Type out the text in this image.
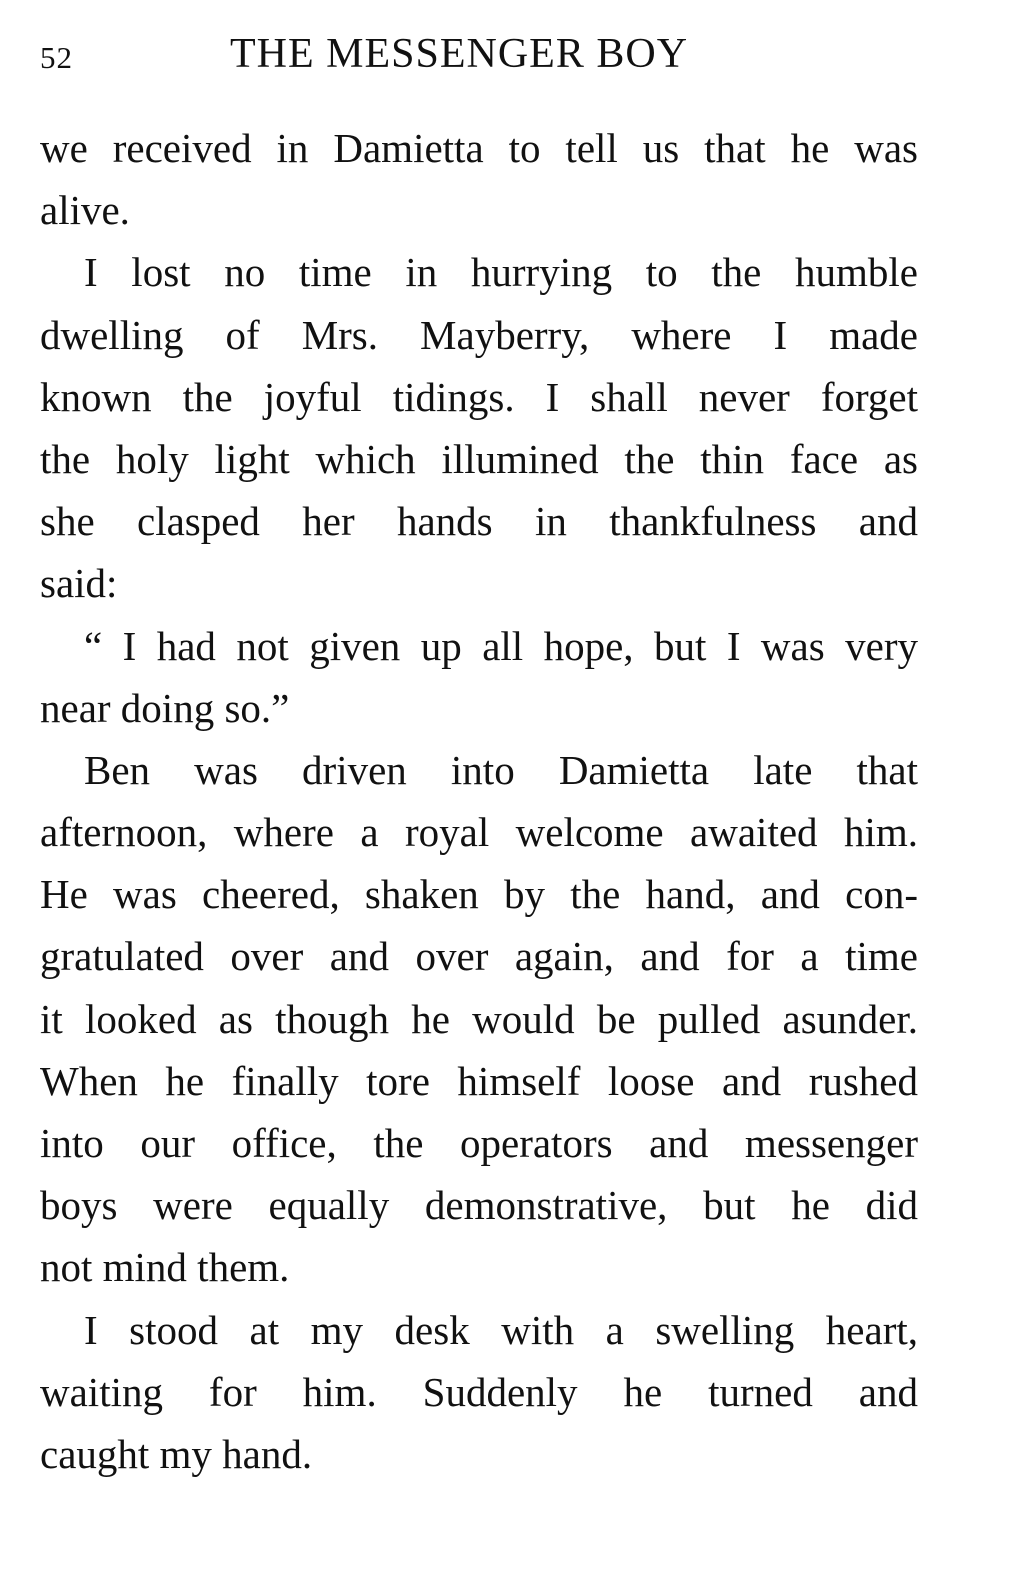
52	THE MESSENGER BOY
we received in Damietta to tell us that he was
alive.
I lost no time in hurrying to the humble
dwelling of Mrs. Mayberry, where I made
known the joyful tidings. I shall never forget
the holy light which illumined the thin face as
she clasped her hands in thankfulness and
said:
“ I had not given up all hope, but I was very
near doing so.”
Ben was driven into Damietta late that
afternoon, where a royal welcome awaited him.
He was cheered, shaken by the hand, and con-
gratulated over and over again, and for a time
it looked as though he would be pulled asunder.
When he finally tore himself loose and rushed
into our office, the operators and messenger
boys were equally demonstrative, but he did
not mind them.
I stood at my desk with a swelling heart,
waiting for him. Suddenly he turned and
caught my hand.
